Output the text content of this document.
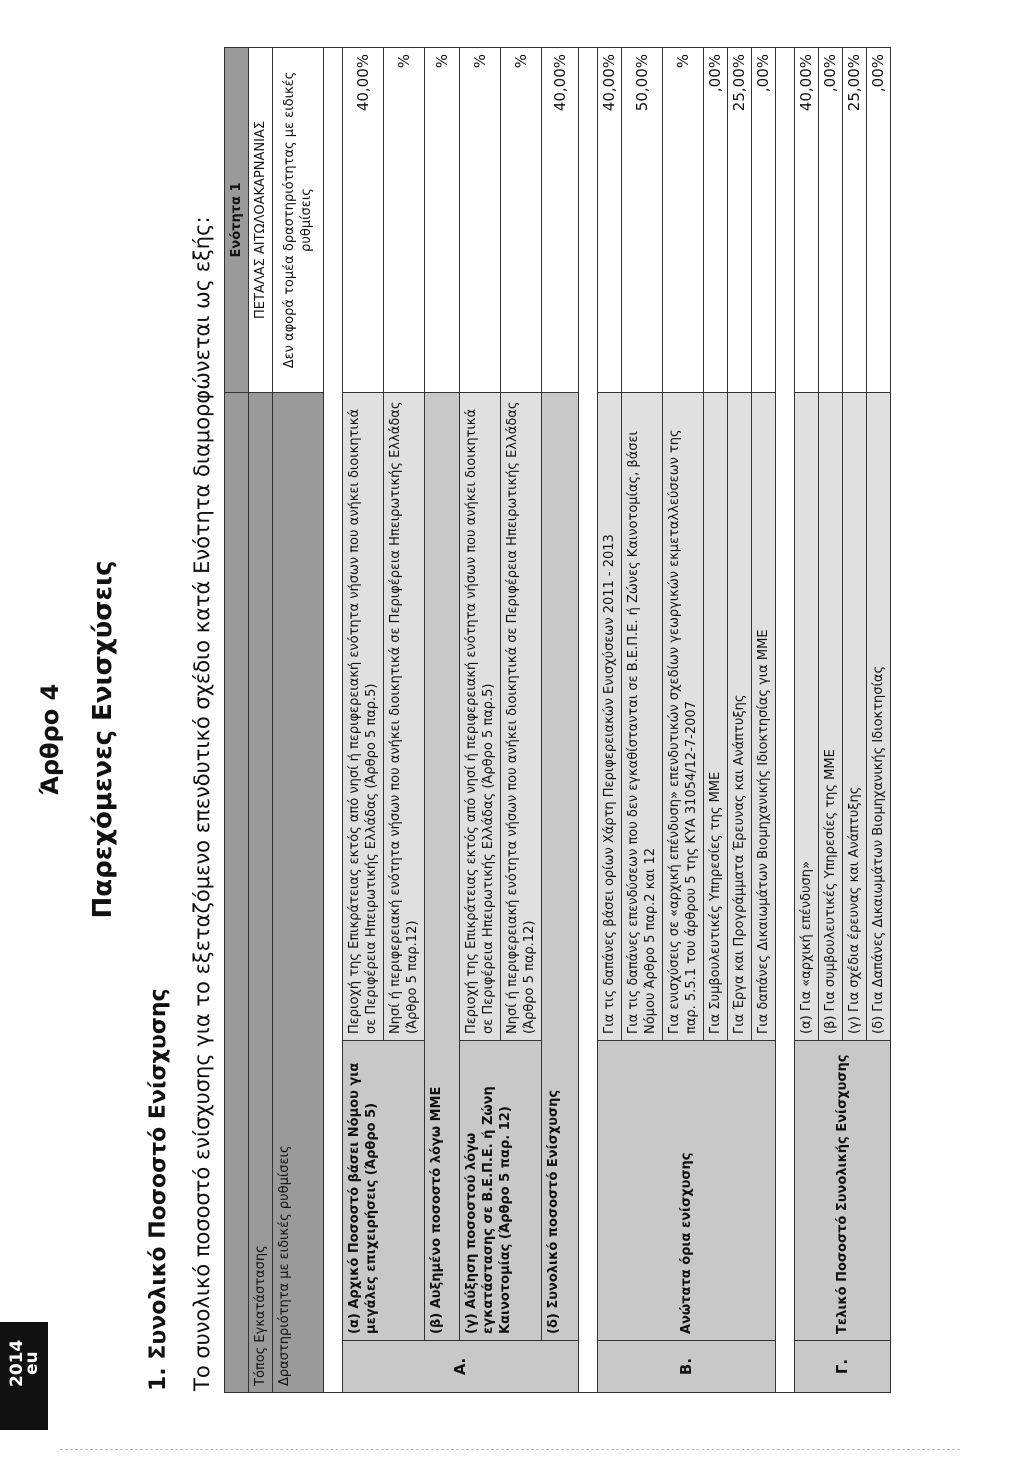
2014
eu
Άρθρο 4 Παρεχόμενες Ενισχύσεις
1. Συνολικό Ποσοστό Ενίσχυσης Το συνολικό ποσοστό ενίσχυσης για το εξεταζόμενο επενδυτικό σχέδιο κατά Ενότητα διαμορφώνεται ως εξής:
			Ενότητα 1
Τόπος Εγκατάστασης			ΠΕΤΑΛΑΣ ΑΙΤΩΛΟΑΚΑΡΝΑΝΙΑΣ
Δραστηριότητα με ειδικές ρυθμίσεις			Δεν αφορά τομέα δραστηριότητας με ειδικές ρυθμίσεις

Α.	(α) Αρχικό Ποσοστό βάσει Νόμου για μεγάλες επιχειρήσεις (Άρθρο 5)	Περιοχή της Επικράτειας εκτός από νησί ή περιφερειακή ενότητα νήσων που ανήκει διοικητικά σε Περιφέρεια Ηπειρωτικής Ελλάδας (Άρθρο 5 παρ.5)	40,00%
		Νησί ή περιφερειακή ενότητα νήσων που ανήκει διοικητικά σε Περιφέρεια Ηπειρωτικής Ελλάδας (Άρθρο 5 παρ.12)	%
	(β) Αυξημένο ποσοστό λόγω ΜΜΕ		%
	(γ) Αύξηση ποσοστού λόγω εγκατάστασης σε Β.Ε.Π.Ε. ή Ζώνη Καινοτομίας (Άρθρο 5 παρ. 12)	Περιοχή της Επικράτειας εκτός από νησί ή περιφερειακή ενότητα νήσων που ανήκει διοικητικά σε Περιφέρεια Ηπειρωτικής Ελλάδας (Άρθρο 5 παρ.5)	%
		Νησί ή περιφερειακή ενότητα νήσων που ανήκει διοικητικά σε Περιφέρεια Ηπειρωτικής Ελλάδας (Άρθρο 5 παρ.12)	%
	(δ) Συνολικό ποσοστό Ενίσχυσης		40,00%

Β.	Ανώτατα όρια ενίσχυσης	Για τις δαπάνες βάσει ορίων Χάρτη Περιφερειακών Ενισχύσεων 2011 - 2013	40,00%
		Για τις δαπάνες επενδύσεων που δεν εγκαθίστανται σε Β.Ε.Π.Ε. ή Ζώνες Καινοτομίας, βάσει Νόμου Άρθρο 5 παρ.2 και 12	50,00%
		Για ενισχύσεις σε «αρχική επένδυση» επενδυτικών σχεδίων γεωργικών εκμεταλλεύσεων της παρ. 5.5.1 του άρθρου 5 της ΚΥΑ 31054/12-7-2007	%
		Για Συμβουλευτικές Υπηρεσίες της ΜΜΕ	,00%
		Για Έργα και Προγράμματα Έρευνας και Ανάπτυξης	25,00%
		Για δαπάνες Δικαιωμάτων Βιομηχανικής Ιδιοκτησίας για ΜΜΕ	,00%

Γ.	Τελικό Ποσοστό Συνολικής Ενίσχυσης	(α) Για «αρχική επένδυση»	40,00%
		(β) Για συμβουλευτικές Υπηρεσίες της ΜΜΕ	,00%
		(γ) Για σχέδια έρευνας και Ανάπτυξης	25,00%
		(δ) Για Δαπάνες Δικαιωμάτων Βιομηχανικής Ιδιοκτησίας	,00%
